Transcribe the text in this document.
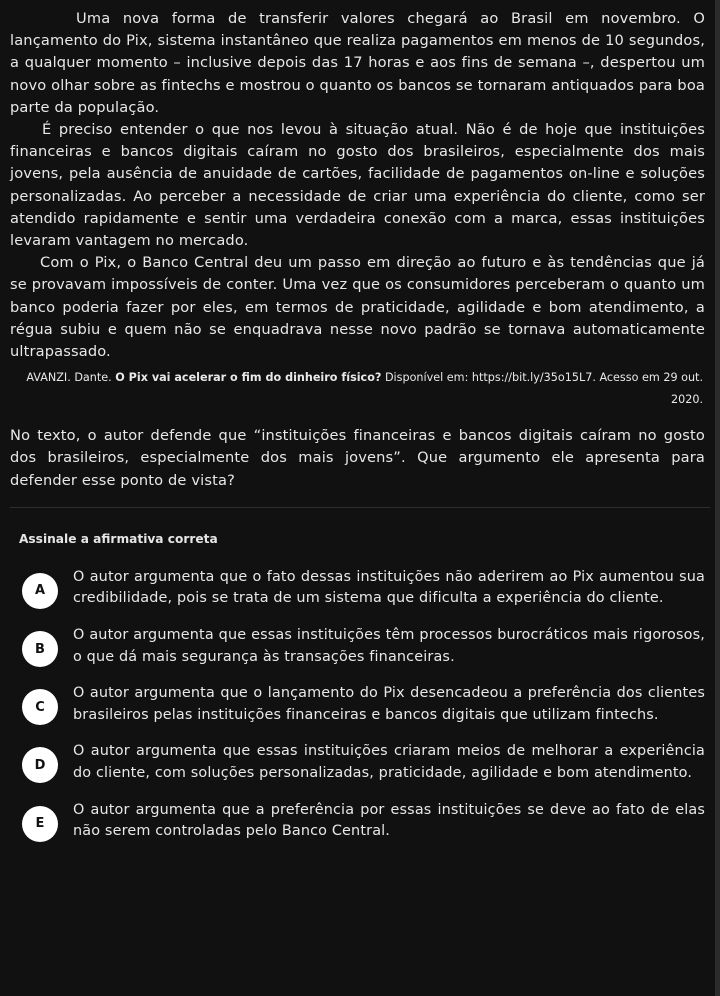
Uma nova forma de transferir valores chegará ao Brasil em novembro. O lançamento do Pix, sistema instantâneo que realiza pagamentos em menos de 10 segundos, a qualquer momento – inclusive depois das 17 horas e aos fins de semana –, despertou um novo olhar sobre as fintechs e mostrou o quanto os bancos se tornaram antiquados para boa parte da população.

É preciso entender o que nos levou à situação atual. Não é de hoje que instituições financeiras e bancos digitais caíram no gosto dos brasileiros, especialmente dos mais jovens, pela ausência de anuidade de cartões, facilidade de pagamentos on-line e soluções personalizadas. Ao perceber a necessidade de criar uma experiência do cliente, como ser atendido rapidamente e sentir uma verdadeira conexão com a marca, essas instituições levaram vantagem no mercado.

Com o Pix, o Banco Central deu um passo em direção ao futuro e às tendências que já se provavam impossíveis de conter. Uma vez que os consumidores perceberam o quanto um banco poderia fazer por eles, em termos de praticidade, agilidade e bom atendimento, a régua subiu e quem não se enquadrava nesse novo padrão se tornava automaticamente ultrapassado.

AVANZI. Dante. O Pix vai acelerar o fim do dinheiro físico? Disponível em: https://bit.ly/35o15L7. Acesso em 29 out. 2020.
No texto, o autor defende que “instituições financeiras e bancos digitais caíram no gosto dos brasileiros, especialmente dos mais jovens”. Que argumento ele apresenta para defender esse ponto de vista?
Assinale a afirmativa correta
A
O autor argumenta que o fato dessas instituições não aderirem ao Pix aumentou sua credibilidade, pois se trata de um sistema que dificulta a experiência do cliente.
B
O autor argumenta que essas instituições têm processos burocráticos mais rigorosos, o que dá mais segurança às transações financeiras.
C
O autor argumenta que o lançamento do Pix desencadeou a preferência dos clientes brasileiros pelas instituições financeiras e bancos digitais que utilizam fintechs.
D
O autor argumenta que essas instituições criaram meios de melhorar a experiência do cliente, com soluções personalizadas, praticidade, agilidade e bom atendimento.
E
O autor argumenta que a preferência por essas instituições se deve ao fato de elas não serem controladas pelo Banco Central.
